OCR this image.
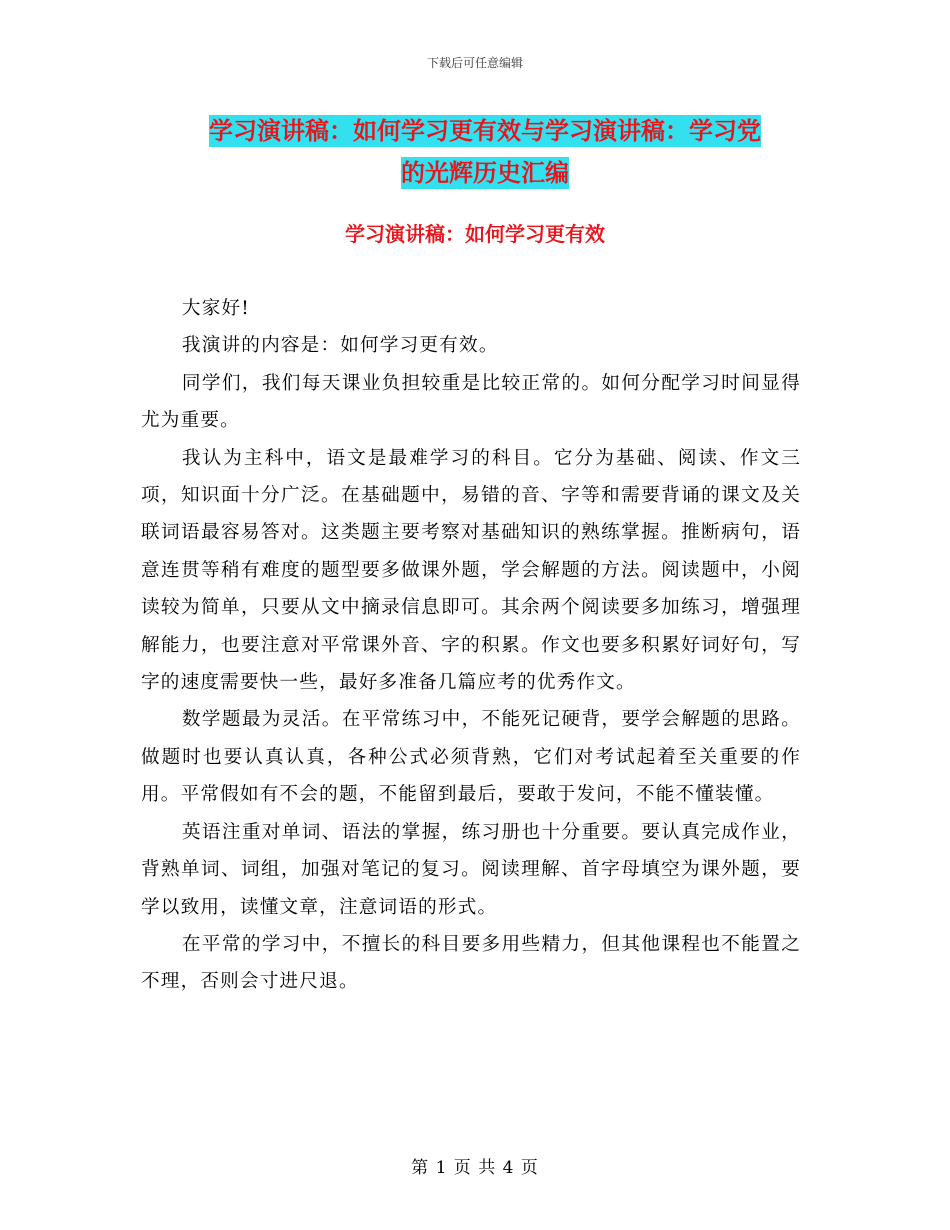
下载后可任意编辑
学习演讲稿：如何学习更有效与学习演讲稿：学习党
的光辉历史汇编
学习演讲稿：如何学习更有效

大家好!

我演讲的内容是：如何学习更有效。

同学们，我们每天课业负担较重是比较正常的。如何分配学习时间显得尤为重要。

我认为主科中，语文是最难学习的科目。它分为基础、阅读、作文三项，知识面十分广泛。在基础题中，易错的音、字等和需要背诵的课文及关联词语最容易答对。这类题主要考察对基础知识的熟练掌握。推断病句，语意连贯等稍有难度的题型要多做课外题，学会解题的方法。阅读题中，小阅读较为简单，只要从文中摘录信息即可。其余两个阅读要多加练习，增强理解能力，也要注意对平常课外音、字的积累。作文也要多积累好词好句，写字的速度需要快一些，最好多准备几篇应考的优秀作文。

数学题最为灵活。在平常练习中，不能死记硬背，要学会解题的思路。做题时也要认真认真，各种公式必须背熟，它们对考试起着至关重要的作用。平常假如有不会的题，不能留到最后，要敢于发问，不能不懂装懂。

英语注重对单词、语法的掌握，练习册也十分重要。要认真完成作业，背熟单词、词组，加强对笔记的复习。阅读理解、首字母填空为课外题，要学以致用，读懂文章，注意词语的形式。

在平常的学习中，不擅长的科目要多用些精力，但其他课程也不能置之不理，否则会寸进尺退。

第 1 页 共 4 页
